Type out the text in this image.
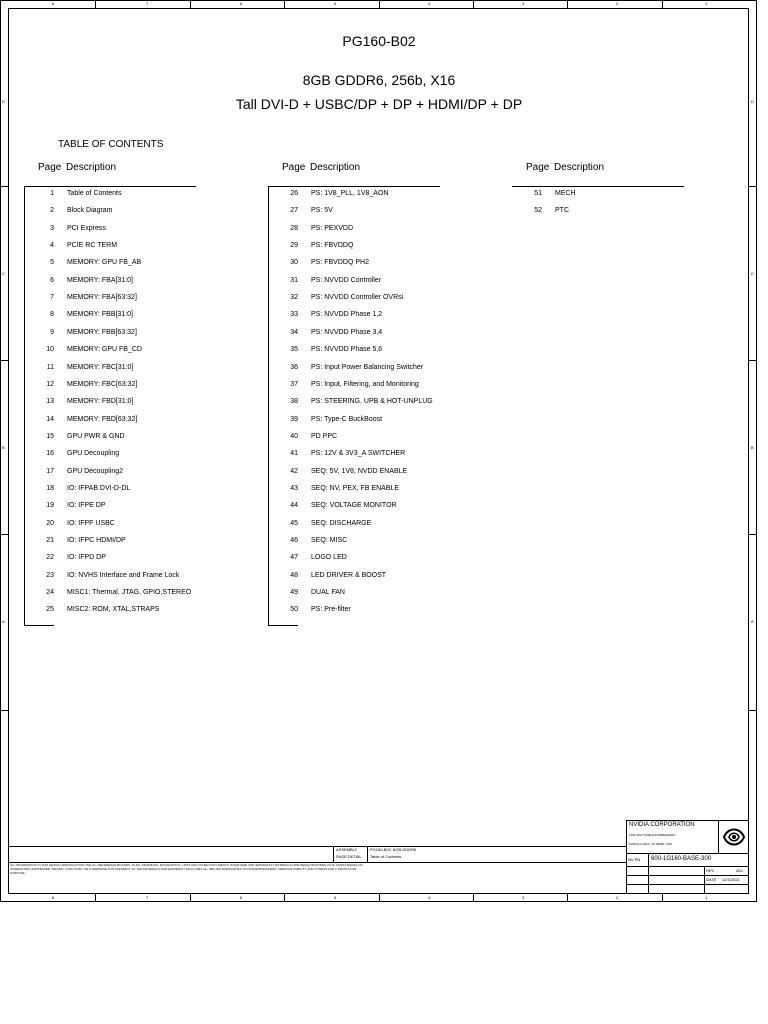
8	7	6	5	4	3	2	1
8	7	6	5	4	3	2	1
D
C
B
A
D
C
B
A
PG160-B02
8GB GDDR6, 256b, X16
Tall DVI-D + USBC/DP + DP + HDMI/DP + DP
TABLE OF CONTENTS
Page Description
1 Table of Contents
2 Block Diagram
3 PCI Express
4 PCIE RC TERM
5 MEMORY: GPU FB_AB
6 MEMORY: FBA[31:0]
7 MEMORY: FBA[63:32]
8 MEMORY: FBB[31:0]
9 MEMORY: FBB[63:32]
10 MEMORY: GPU FB_CD
11 MEMORY: FBC[31:0]
12 MEMORY: FBC[63:32]
13 MEMORY: FBD[31:0]
14 MEMORY: FBD[63:32]
15 GPU PWR & GND
16 GPU Decoupling
17 GPU Decoupling2
18 IO: IFPAB DVI-D-DL
19 IO: IFPE DP
20 IO: IFPF USBC
21 IO: IFPC HDMI/DP
22 IO: IFPD DP
23 IO: NVHS Interface and Frame Lock
24 MISC1: Thermal, JTAG, GPIO,STEREO
25 MISC2: ROM, XTAL,STRAPS
Page Description
26 PS: 1V8_PLL, 1V8_AON
27 PS: 5V
28 PS: PEXVDD
29 PS: FBVDDQ
30 PS: FBVDDQ PH2
31 PS: NVVDD Controller
32 PS: NVVDD Controller OVRsi
33 PS: NVVDD Phase 1,2
34 PS: NVVDD Phase 3,4
35 PS: NVVDD Phase 5,6
36 PS: Input Power Balancing Switcher
37 PS: Input, Filtering, and Monitoring
38 PS: STEERING, UPB & HOT-UNPLUG
39 PS: Type-C BuckBoost
40 PD PPC
41 PS: 12V & 3V3_A SWITCHER
42 SEQ: 5V, 1V8, NVDD ENABLE
43 SEQ: NV, PEX, FB ENABLE
44 SEQ: VOLTAGE MONITOR
45 SEQ: DISCHARGE
46 SEQ: MISC
47 LOGO LED
48 LED DRIVER & BOOST
49 DUAL FAN
50 PS: Pre-filter
Page Description
51 MECH
52 PTC
ASSEMBLY	PG160-B02, 8GB GDDR6
PAGE DETAIL Table of Contents
ALL INFORMATION IN THIS DESIGN SPECIFICATION AND ALL REFERENCE BOARDS, FILES, DRAWINGS, DIAGNOSTICS, LISTS AND OTHER DOCUMENTS (TOGETHER AND SEPARATELY MATERIALS) ARE BEING PROVIDED AS IS. NVIDIA MAKES NO WARRANTIES, EXPRESSED, IMPLIED, STATUTORY OR OTHERWISE WITH RESPECT TO THE MATERIALS AND EXPRESSLY DISCLAIMS ALL IMPLIED WARRANTIES OF NONINFRINGEMENT, MERCHANTABILITY, AND FITNESS FOR A PARTICULAR PURPOSE.
NVIDIA CORPORATION
2701 SAN TOMAS EXPRESSWAY
SANTA CLARA, CA 95050, USA
NV PN 600-1G160-BASE-300
REV	A01
DATE 12/1/2021
